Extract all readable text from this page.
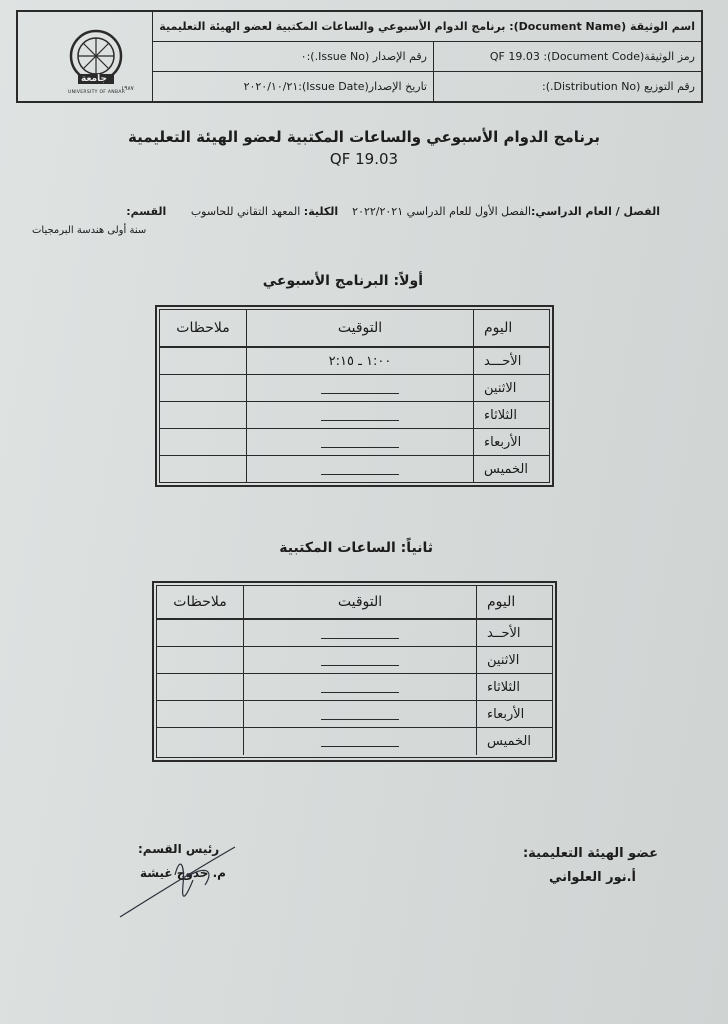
١٩٨٧
جامعة
UNIVERSITY OF ANBAR
اسم الوثيقة (Document Name): برنامج الدوام الأسبوعي والساعات المكتبية لعضو الهيئة التعليمية
رمز الوثيقة(Document Code): QF 19.03
رقم الإصدار (Issue No.):٠
رقم التوزيع (Distribution No.):
تاريخ الإصدار(Issue Date):٢٠٢٠/١٠/٢١
برنامج الدوام الأسبوعي والساعات المكتبية لعضو الهيئة التعليمية
QF 19.03
الفصل / العام الدراسي:الفصل الأول للعام الدراسي ٢٠٢٢/٢٠٢١    الكلية: المعهد التقاني للحاسوب       القسم:
سنة أولى هندسة البرمجيات
أولاً: البرنامج الأسبوعي
اليوم
التوقيت
ملاحظات
الأحـــد
١:٠٠ ـ ٢:١٥
الاثنين
الثلاثاء
الأربعاء
الخميس
ثانياً: الساعات المكتبية
اليوم
التوقيت
ملاحظات
الأحــد
الاثنين
الثلاثاء
الأربعاء
الخميس
عضو الهيئة التعليمية:
أ.نور العلواني
رئيس القسم:
م. خدوج غيشة
